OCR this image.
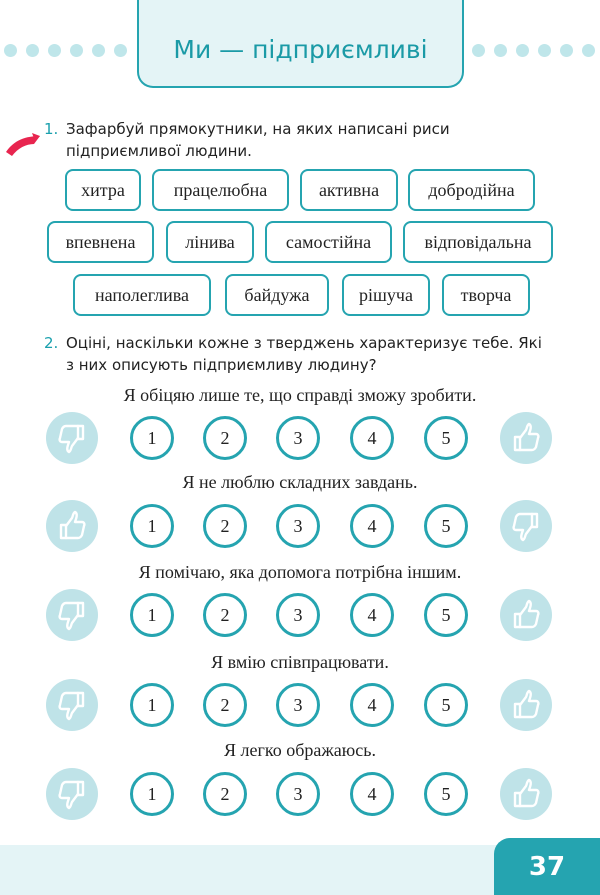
Ми — підприємливі
1. Зафарбуй прямокутники, на яких написані риси
підприємливої людини.
хитра	працелюбна	активна	добродійна
впевнена	лінива	самостійна	відповідальна
наполеглива	байдужа	рішуча	творча
2. Оціні, наскільки кожне з тверджень характеризує тебе. Які
з них описують підприємливу людину?
Я обіцяю лише те, що справді зможу зробити.
1	2	3	4	5
Я не люблю складних завдань.
1	2	3	4	5
Я помічаю, яка допомога потрібна іншим.
1	2	3	4	5
Я вмію співпрацювати.
1	2	3	4	5
Я легко ображаюсь.
1	2	3	4	5
37
